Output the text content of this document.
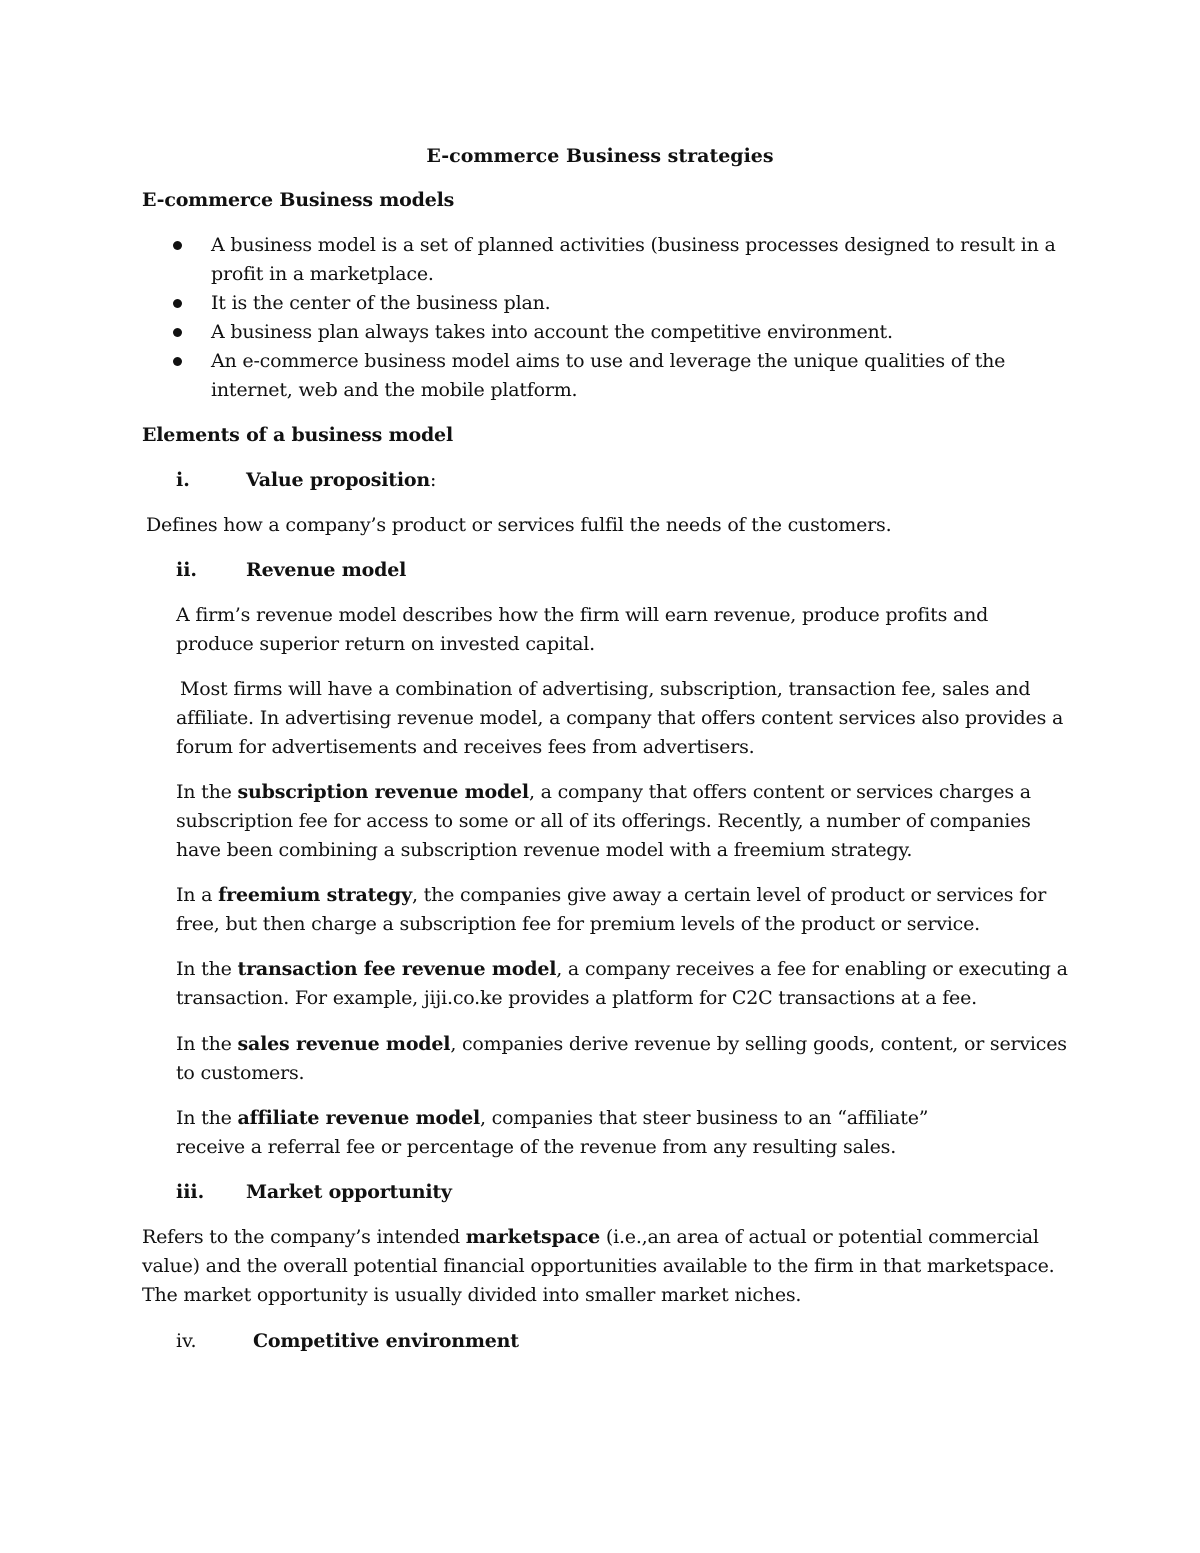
E-commerce Business strategies
E-commerce Business models
A business model is a set of planned activities (business processes designed to result in a
profit in a marketplace.
It is the center of the business plan.
A business plan always takes into account the competitive environment.
An e-commerce business model aims to use and leverage the unique qualities of the
internet, web and the mobile platform.
Elements of a business model
i.	Value proposition:
Defines how a company’s product or services fulfil the needs of the customers.
ii.	Revenue model
A firm’s revenue model describes how the firm will earn revenue, produce profits and
produce superior return on invested capital.
Most firms will have a combination of advertising, subscription, transaction fee, sales and
affiliate. In advertising revenue model, a company that offers content services also provides a
forum for advertisements and receives fees from advertisers.
In the subscription revenue model, a company that offers content or services charges a
subscription fee for access to some or all of its offerings. Recently, a number of companies
have been combining a subscription revenue model with a freemium strategy.
In a freemium strategy, the companies give away a certain level of product or services for
free, but then charge a subscription fee for premium levels of the product or service.
In the transaction fee revenue model, a company receives a fee for enabling or executing a
transaction. For example, jiji.co.ke provides a platform for C2C transactions at a fee.
In the sales revenue model, companies derive revenue by selling goods, content, or services
to customers.
In the affiliate revenue model, companies that steer business to an “affiliate”
receive a referral fee or percentage of the revenue from any resulting sales.
iii. Market opportunity
Refers to the company’s intended marketspace (i.e.,an area of actual or potential commercial
value) and the overall potential financial opportunities available to the firm in that marketspace.
The market opportunity is usually divided into smaller market niches.
iv.	Competitive environment
